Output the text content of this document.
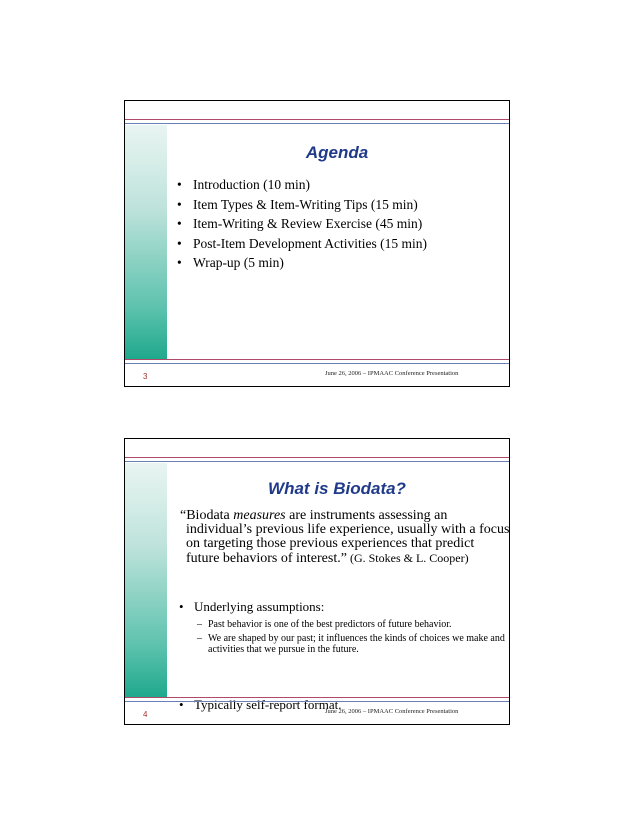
Agenda
• Introduction (10 min)
• Item Types & Item-Writing Tips (15 min)
• Item-Writing & Review Exercise (45 min)
• Post-Item Development Activities (15 min)
• Wrap-up (5 min)
3	June 26, 2006 – IPMAAC Conference Presentation
What is Biodata?
“Biodata measures are instruments assessing an individual’s previous life experience, usually with a focus on targeting those previous experiences that predict future behaviors of interest.” (G. Stokes & L. Cooper)
• Underlying assumptions:
– Past behavior is one of the best predictors of future behavior.
– We are shaped by our past; it influences the kinds of choices we make and activities that we pursue in the future.
• Typically self-report format.
4	June 26, 2006 – IPMAAC Conference Presentation
